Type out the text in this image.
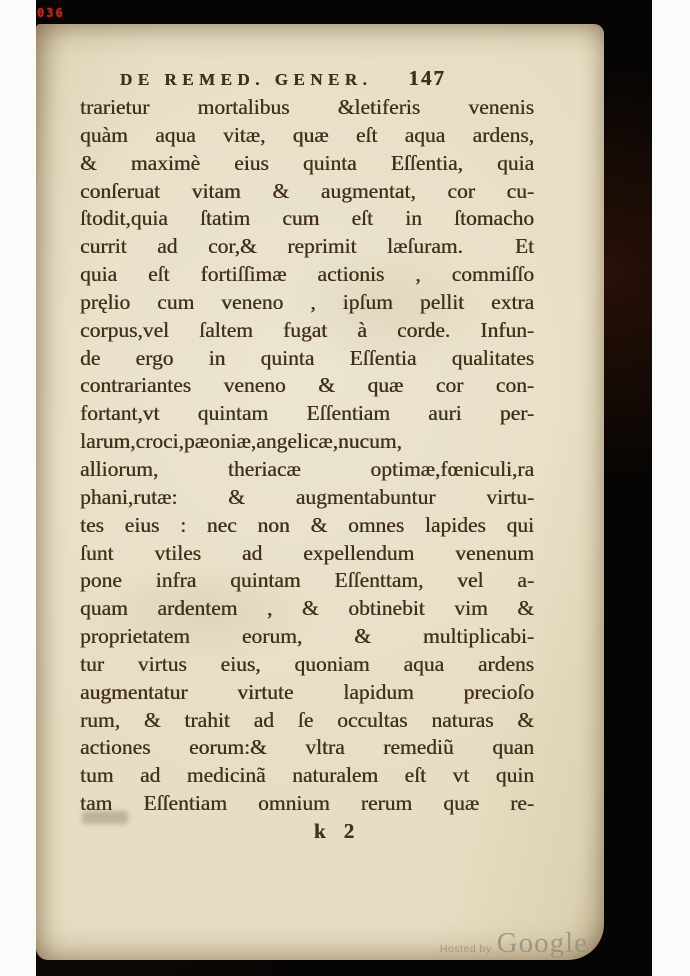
036
DE REMED. GENER. 147
trarietur mortalibus &letiferis venenis
quàm aqua vitæ, quæ eſt aqua ardens,
& maximè eius quinta Eſſentia, quia
conſeruat vitam & augmentat, cor cu-
ſtodit,quia ſtatim cum eſt in ſtomacho
currit ad cor,& reprimit læſuram.  Et
quia eſt fortiſſimæ actionis , commiſſo
pręlio cum veneno , ipſum pellit extra
corpus,vel ſaltem fugat à corde. Infun-
de ergo in quinta Eſſentia qualitates
contrariantes veneno & quæ cor con-
fortant,vt quintam Eſſentiam auri per-
larum,croci,pæoniæ,angelicæ,nucum,
alliorum, theriacæ optimæ,fœniculi,ra
phani,rutæ: & augmentabuntur virtu-
tes eius : nec non & omnes lapides qui
ſunt vtiles ad expellendum venenum
pone infra quintam Eſſenttam, vel a-
quam ardentem , & obtinebit vim &
proprietatem eorum, & multiplicabi-
tur virtus eius, quoniam aqua ardens
augmentatur virtute lapidum precioſo
rum, & trahit ad ſe occultas naturas &
actiones eorum:& vltra remediũ quan
tum ad medicinã naturalem eſt vt quin
tam Eſſentiam omnium rerum quæ re-
k 2
Hosted by Google
